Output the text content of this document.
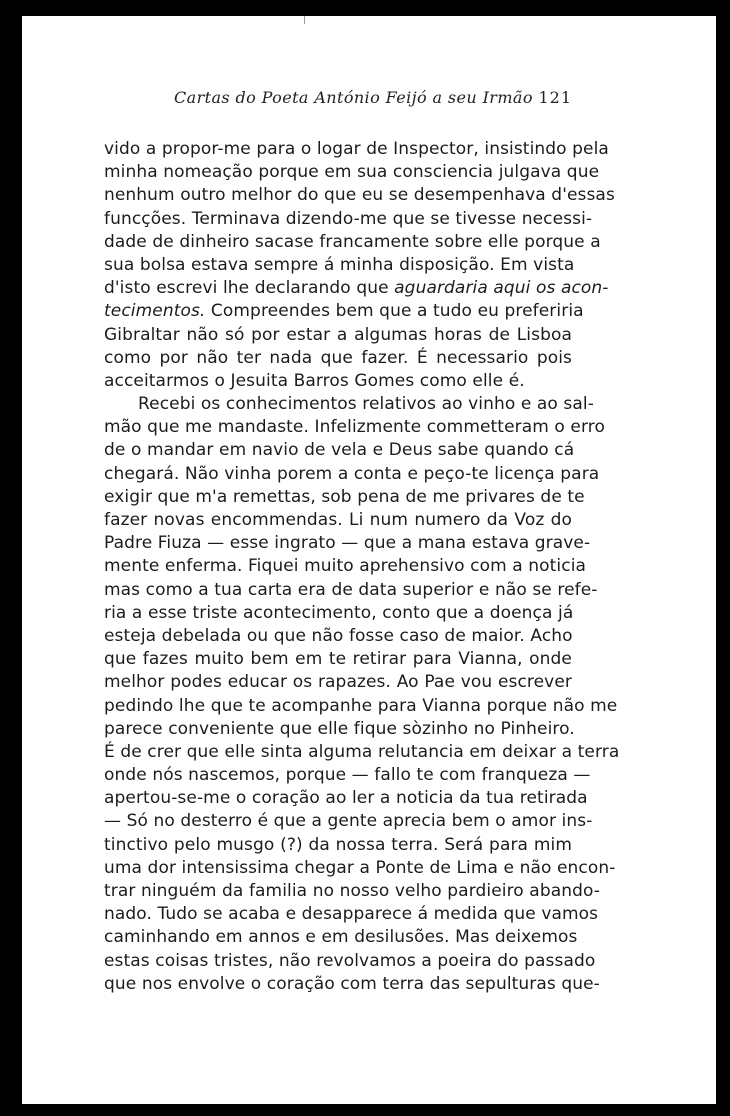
Cartas do Poeta António Feijó a seu Irmão 121
vido a propor-me para o logar de Inspector, insistindo pela
minha nomeação porque em sua consciencia julgava que
nenhum outro melhor do que eu se desempenhava d'essas
funcções. Terminava dizendo-me que se tivesse necessi-
dade de dinheiro sacase francamente sobre elle porque a
sua bolsa estava sempre á minha disposição. Em vista
d'isto escrevi lhe declarando que aguardaria aqui os acon-
tecimentos. Compreendes bem que a tudo eu preferiria
Gibraltar não só por estar a algumas horas de Lisboa
como por não ter nada que fazer. É necessario pois
acceitarmos o Jesuita Barros Gomes como elle é.
Recebi os conhecimentos relativos ao vinho e ao sal-
mão que me mandaste. Infelizmente commetteram o erro
de o mandar em navio de vela e Deus sabe quando cá
chegará. Não vinha porem a conta e peço-te licença para
exigir que m'a remettas, sob pena de me privares de te
fazer novas encommendas. Li num numero da Voz do
Padre Fiuza — esse ingrato — que a mana estava grave-
mente enferma. Fiquei muito aprehensivo com a noticia
mas como a tua carta era de data superior e não se refe-
ria a esse triste acontecimento, conto que a doença já
esteja debelada ou que não fosse caso de maior. Acho
que fazes muito bem em te retirar para Vianna, onde
melhor podes educar os rapazes. Ao Pae vou escrever
pedindo lhe que te acompanhe para Vianna porque não me
parece conveniente que elle fique sòzinho no Pinheiro.
É de crer que elle sinta alguma relutancia em deixar a terra
onde nós nascemos, porque — fallo te com franqueza —
apertou-se-me o coração ao ler a noticia da tua retirada
— Só no desterro é que a gente aprecia bem o amor ins-
tinctivo pelo musgo (?) da nossa terra. Será para mim
uma dor intensissima chegar a Ponte de Lima e não encon-
trar ninguém da familia no nosso velho pardieiro abando-
nado. Tudo se acaba e desapparece á medida que vamos
caminhando em annos e em desilusões. Mas deixemos
estas coisas tristes, não revolvamos a poeira do passado
que nos envolve o coração com terra das sepulturas que-
